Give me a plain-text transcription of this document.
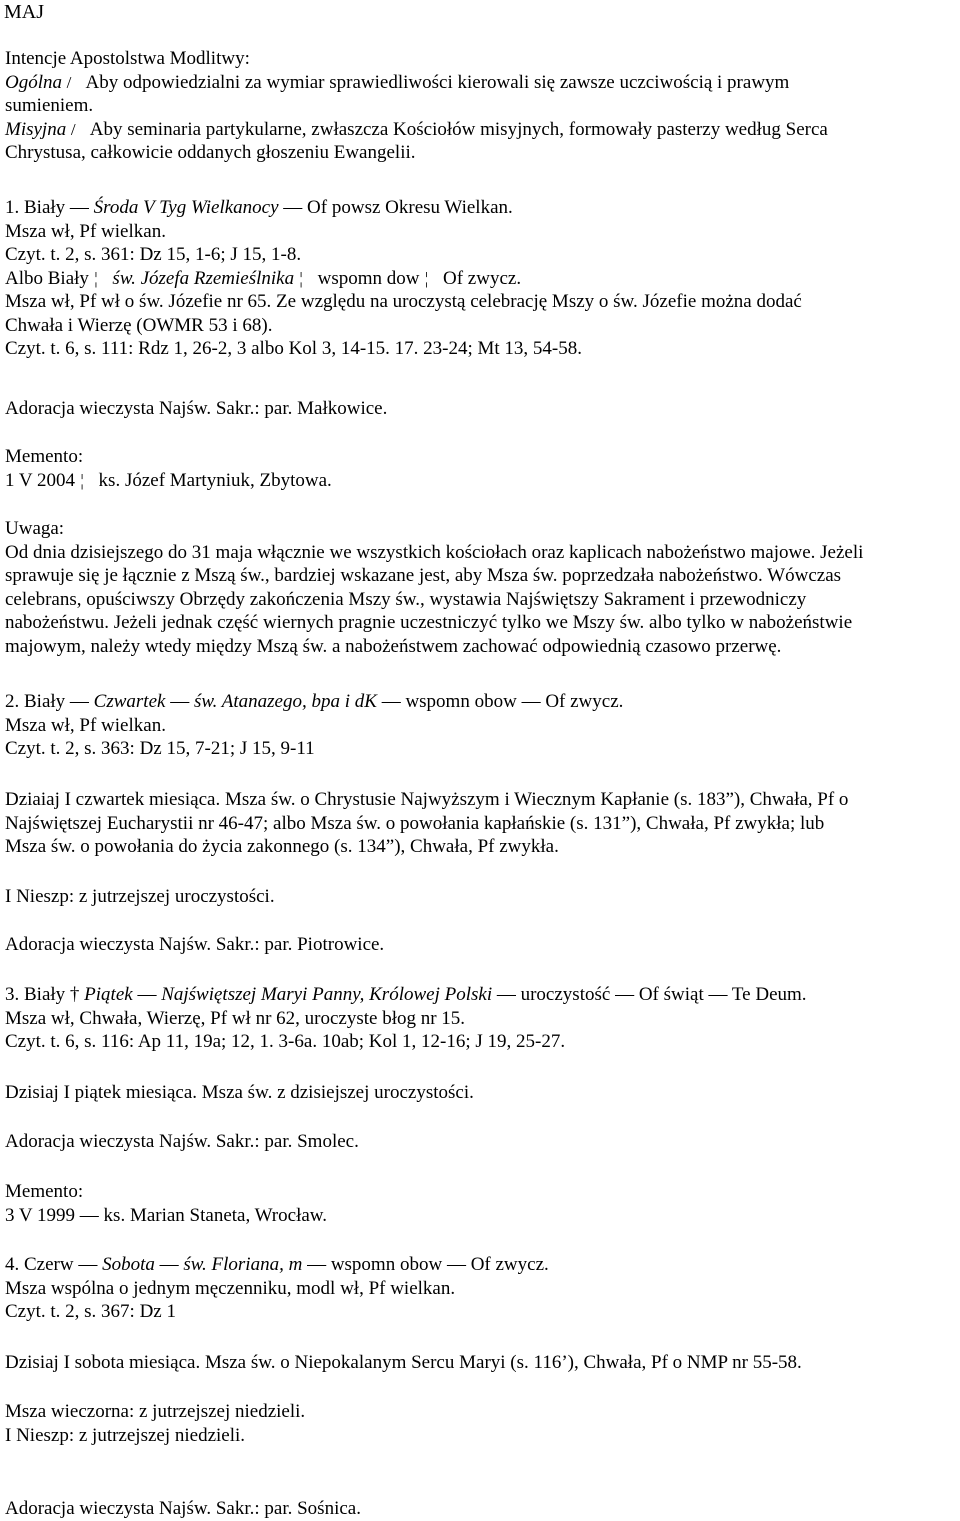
MAJ
Intencje Apostolstwa Modlitwy:
Ogólna / Aby odpowiedzialni za wymiar sprawiedliwości kierowali się zawsze uczciwością i prawym
sumieniem.
Misyjna / Aby seminaria partykularne, zwłaszcza Kościołów misyjnych, formowały pasterzy według Serca
Chrystusa, całkowicie oddanych głoszeniu Ewangelii.
1. Biały — Środa V Tyg Wielkanocy — Of powsz Okresu Wielkan.
Msza wł, Pf wielkan.
Czyt. t. 2, s. 361: Dz 15, 1-6; J 15, 1-8.
Albo Biały ¦ św. Józefa Rzemieślnika ¦ wspomn dow ¦ Of zwycz.
Msza wł, Pf wł o św. Józefie nr 65. Ze względu na uroczystą celebrację Mszy o św. Józefie można dodać
Chwała i Wierzę (OWMR 53 i 68).
Czyt. t. 6, s. 111: Rdz 1, 26-2, 3 albo Kol 3, 14-15. 17. 23-24; Mt 13, 54-58.
Adoracja wieczysta Najśw. Sakr.: par. Małkowice.
Memento:
1 V 2004 ¦ ks. Józef Martyniuk, Zbytowa.
Uwaga:
Od dnia dzisiejszego do 31 maja włącznie we wszystkich kościołach oraz kaplicach nabożeństwo majowe. Jeżeli
sprawuje się je łącznie z Mszą św., bardziej wskazane jest, aby Msza św. poprzedzała nabożeństwo. Wówczas
celebrans, opuściwszy Obrzędy zakończenia Mszy św., wystawia Najświętszy Sakrament i przewodniczy
nabożeństwu. Jeżeli jednak część wiernych pragnie uczestniczyć tylko we Mszy św. albo tylko w nabożeństwie
majowym, należy wtedy między Mszą św. a nabożeństwem zachować odpowiednią czasowo przerwę.
2. Biały — Czwartek — św. Atanazego, bpa i dK — wspomn obow — Of zwycz.
Msza wł, Pf wielkan.
Czyt. t. 2, s. 363: Dz 15, 7-21; J 15, 9-11
Dziaiaj I czwartek miesiąca. Msza św. o Chrystusie Najwyższym i Wiecznym Kapłanie (s. 183”), Chwała, Pf o
Najświętszej Eucharystii nr 46-47; albo Msza św. o powołania kapłańskie (s. 131”), Chwała, Pf zwykła; lub
Msza św. o powołania do życia zakonnego (s. 134”), Chwała, Pf zwykła.
I Nieszp: z jutrzejszej uroczystości.
Adoracja wieczysta Najśw. Sakr.: par. Piotrowice.
3. Biały † Piątek — Najświętszej Maryi Panny, Królowej Polski — uroczystość — Of świąt — Te Deum.
Msza wł, Chwała, Wierzę, Pf wł nr 62, uroczyste błog nr 15.
Czyt. t. 6, s. 116: Ap 11, 19a; 12, 1. 3-6a. 10ab; Kol 1, 12-16; J 19, 25-27.
Dzisiaj I piątek miesiąca. Msza św. z dzisiejszej uroczystości.
Adoracja wieczysta Najśw. Sakr.: par. Smolec.
Memento:
3 V 1999 — ks. Marian Staneta, Wrocław.
4. Czerw — Sobota — św. Floriana, m — wspomn obow — Of zwycz.
Msza wspólna o jednym męczenniku, modl wł, Pf wielkan.
Czyt. t. 2, s. 367: Dz 1
Dzisiaj I sobota miesiąca. Msza św. o Niepokalanym Sercu Maryi (s. 116’), Chwała, Pf o NMP nr 55-58.
Msza wieczorna: z jutrzejszej niedzieli.
I Nieszp: z jutrzejszej niedzieli.
Adoracja wieczysta Najśw. Sakr.: par. Sośnica.
